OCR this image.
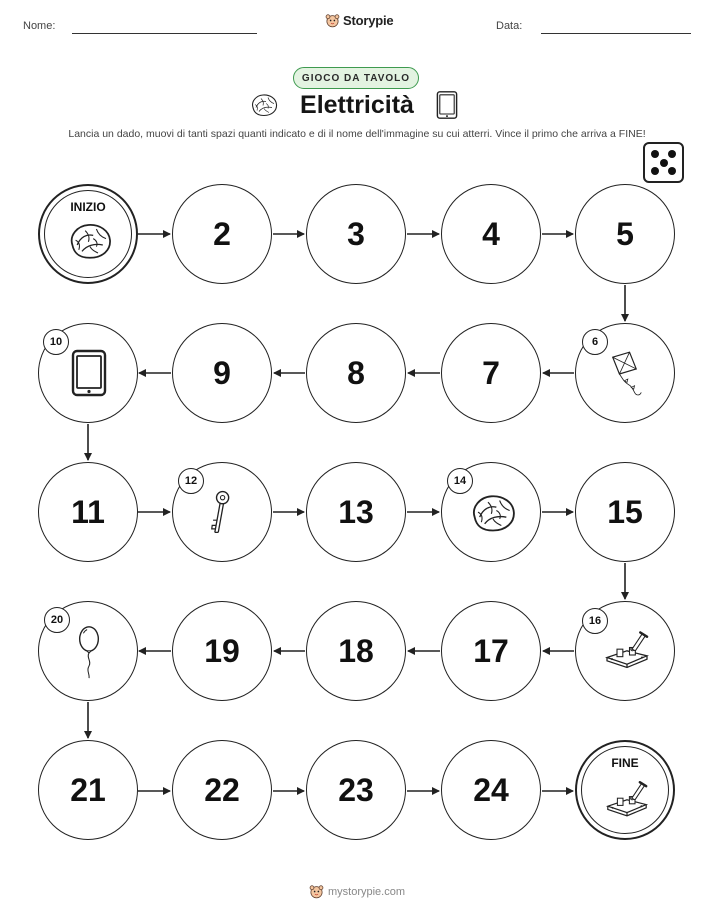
Nome:	Storypie	Data:
GIOCO DA TAVOLO
Elettricità
Lancia un dado, muovi di tanti spazi quanti indicato e di il nome dell'immagine su cui atterri. Vince il primo che arriva a FINE!
INIZIO
2	3	4	5
10
9	8	7
6
11
12
13
14
15
20
19	18	17
16
21	22	23	24
FINE
mystorypie.com
